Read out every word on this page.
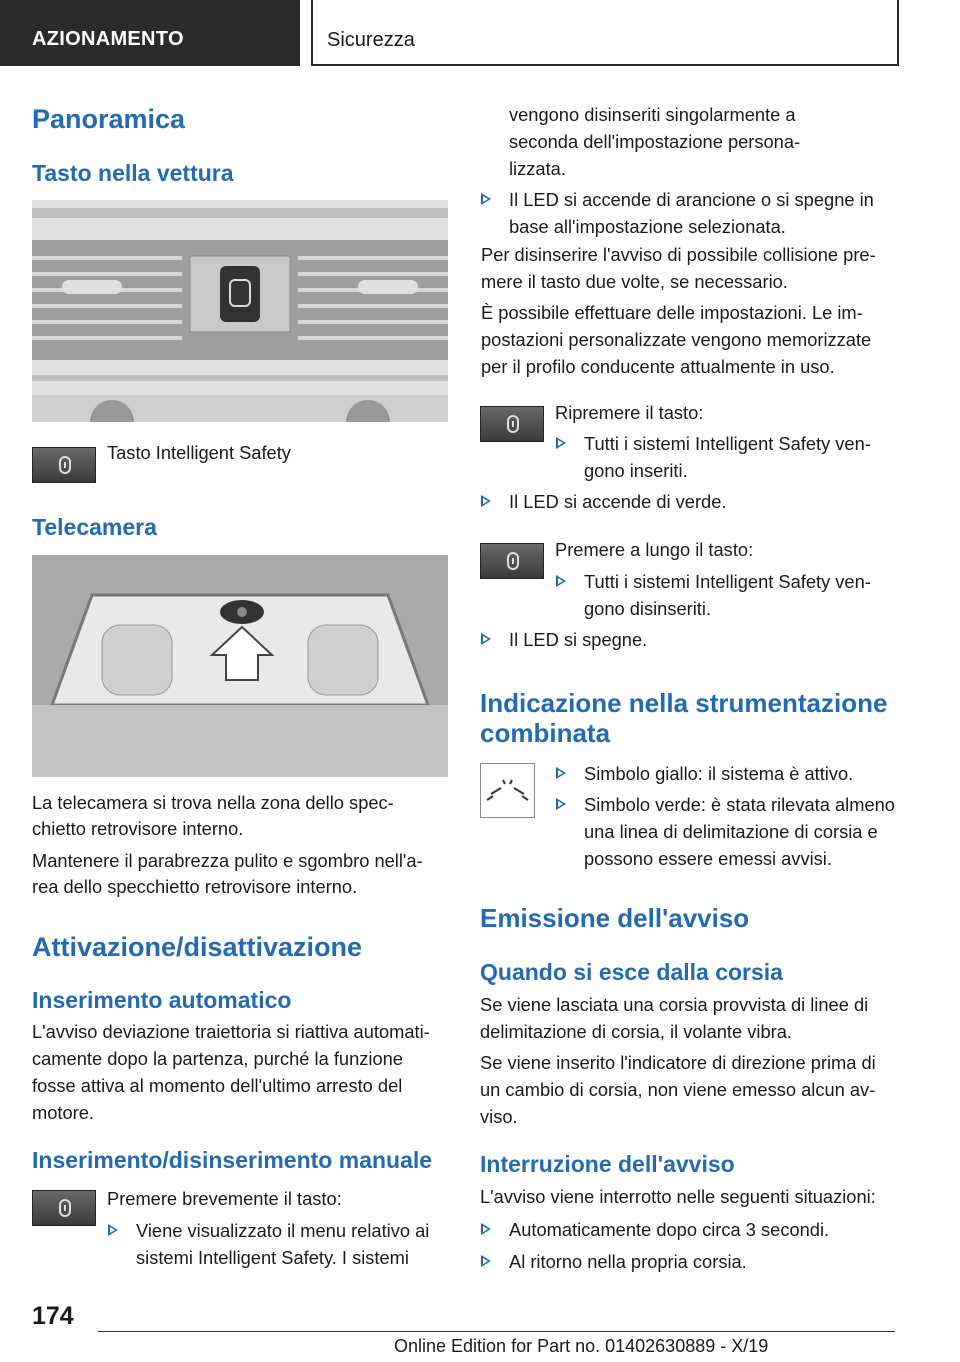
AZIONAMENTO	Sicurezza
Panoramica
Tasto nella vettura
Tasto Intelligent Safety
Telecamera
La telecamera si trova nella zona dello spec-
chietto retrovisore interno.
Mantenere il parabrezza pulito e sgombro nell'a-
rea dello specchietto retrovisore interno.
Attivazione/disattivazione
Inserimento automatico
L'avviso deviazione traiettoria si riattiva automati-
camente dopo la partenza, purché la funzione
fosse attiva al momento dell'ultimo arresto del
motore.
Inserimento/disinserimento manuale
Premere brevemente il tasto:
Viene visualizzato il menu relativo ai
sistemi Intelligent Safety. I sistemi
vengono disinseriti singolarmente a
seconda dell'impostazione persona-
lizzata.
Il LED si accende di arancione o si spegne in
base all'impostazione selezionata.
Per disinserire l'avviso di possibile collisione pre-
mere il tasto due volte, se necessario.
È possibile effettuare delle impostazioni. Le im-
postazioni personalizzate vengono memorizzate
per il profilo conducente attualmente in uso.
Ripremere il tasto:
Tutti i sistemi Intelligent Safety ven-
gono inseriti.
Il LED si accende di verde.
Premere a lungo il tasto:
Tutti i sistemi Intelligent Safety ven-
gono disinseriti.
Il LED si spegne.
Indicazione nella strumentazione
combinata
Simbolo giallo: il sistema è attivo.
Simbolo verde: è stata rilevata almeno
una linea di delimitazione di corsia e
possono essere emessi avvisi.
Emissione dell'avviso
Quando si esce dalla corsia
Se viene lasciata una corsia provvista di linee di
delimitazione di corsia, il volante vibra.
Se viene inserito l'indicatore di direzione prima di
un cambio di corsia, non viene emesso alcun av-
viso.
Interruzione dell'avviso
L'avviso viene interrotto nelle seguenti situazioni:
Automaticamente dopo circa 3 secondi.
Al ritorno nella propria corsia.
174
Online Edition for Part no. 01402630889 - X/19
